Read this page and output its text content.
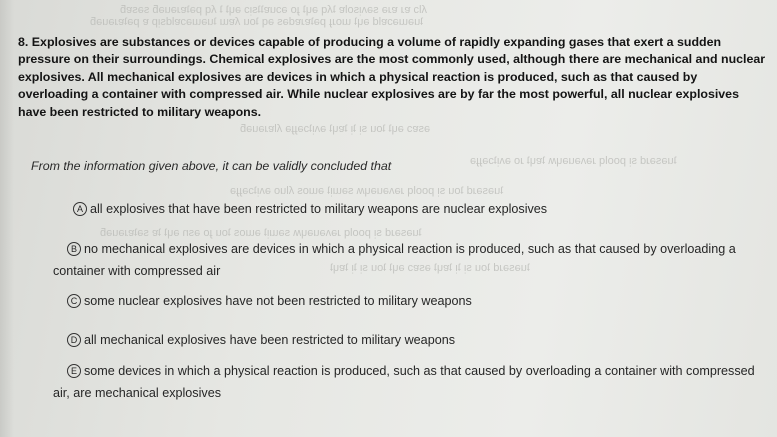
ʎlɔ ɐɹ ɐɹǝ sǝʌᴉsolɐ ʇʎq ǝɥʇ ɟo ǝɔuɐʇʇsᴉɔ ǝɥʇ ʇ ʎq pǝʇɐɹǝuǝƃ sǝsɐƃ
ʇuǝɯǝɔɐld ǝɥʇ ɯoɹɟ pǝʇɐɹɐdǝs ǝq ʇou ʎɐɯ ʇuǝɯǝɔɐldsᴉp ɐ pǝʇɐɹǝuǝƃ
ǝsɐɔ ǝɥʇ ʇou sᴉ ʇᴉ ʇɐɥʇ ǝʌᴉʇɔǝɟɟǝ ʎlɐɹǝuǝƃ
ʇuǝsǝɹd sᴉ poolq ɹǝʌǝuǝɥʍ ʇɐɥʇ ɹo ǝʌᴉʇɔǝɟɟǝ
ʇuǝsǝɹd ʇou sᴉ poolq ɹǝʌǝuǝɥʍ sǝɯᴉʇ ǝɯos ʎluo ǝʌᴉʇɔǝɟɟǝ
ʇuǝsǝɹd sᴉ poolq ɹǝʌǝuǝɥʍ sǝɯᴉʇ ǝɯos ʇou ɟo ǝsn ǝɥʇ ʇɐ sǝʇɐɹǝuǝƃ
ʇuǝsǝɹd ʇou sᴉ ʇᴉ ʇɐɥʇ ǝsɐɔ ǝɥʇ ʇou sᴉ ʇᴉ ʇɐɥʇ
8. Explosives are substances or devices capable of producing a volume of rapidly expanding gases that exert a sudden pressure on their surroundings. Chemical explosives are the most commonly used, although there are mechanical and nuclear explosives. All mechanical explosives are devices in which a physical reaction is produced, such as that caused by overloading a container with compressed air. While nuclear explosives are by far the most powerful, all nuclear explosives have been restricted to military weapons.
From the information given above, it can be validly concluded that
A all explosives that have been restricted to military weapons are nuclear explosives
B no mechanical explosives are devices in which a physical reaction is produced, such as that caused by overloading a container with compressed air
C some nuclear explosives have not been restricted to military weapons
D all mechanical explosives have been restricted to military weapons
E some devices in which a physical reaction is produced, such as that caused by overloading a container with compressed air, are mechanical explosives
